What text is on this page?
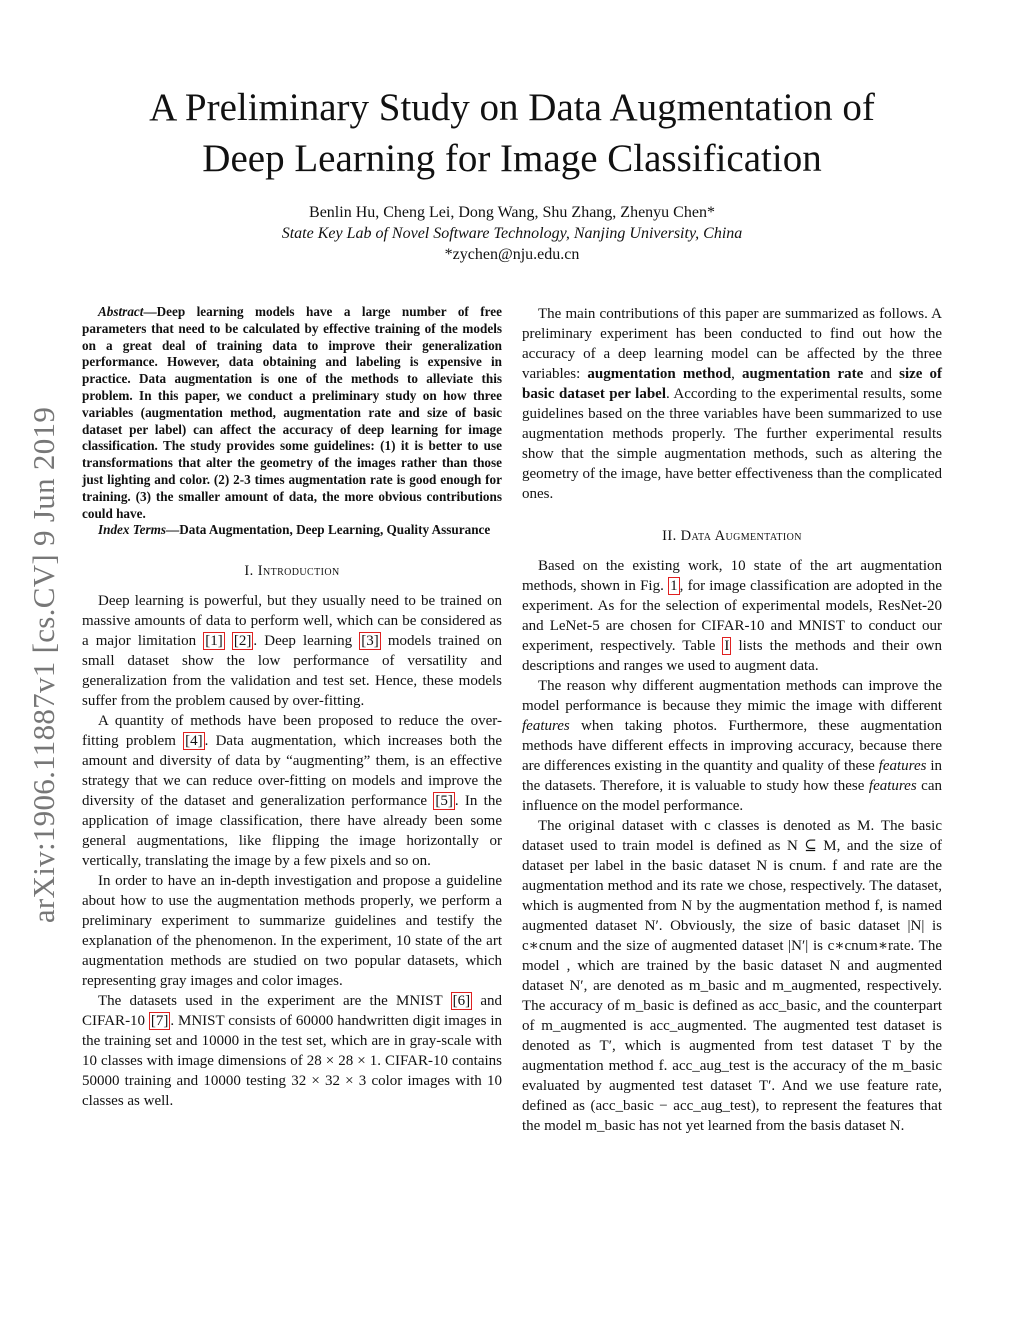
arXiv:1906.11887v1 [cs.CV] 9 Jun 2019
A Preliminary Study on Data Augmentation of
Deep Learning for Image Classification
Benlin Hu, Cheng Lei, Dong Wang, Shu Zhang, Zhenyu Chen*
State Key Lab of Novel Software Technology, Nanjing University, China
*zychen@nju.edu.cn

Abstract—Deep learning models have a large number of free parameters that need to be calculated by effective training of the models on a great deal of training data to improve their generalization performance. However, data obtaining and labeling is expensive in practice. Data augmentation is one of the methods to alleviate this problem. In this paper, we conduct a preliminary study on how three variables (augmentation method, augmentation rate and size of basic dataset per label) can affect the accuracy of deep learning for image classification. The study provides some guidelines: (1) it is better to use transformations that alter the geometry of the images rather than those just lighting and color. (2) 2-3 times augmentation rate is good enough for training. (3) the smaller amount of data, the more obvious contributions could have.

Index Terms—Data Augmentation, Deep Learning, Quality Assurance

I. Introduction

Deep learning is powerful, but they usually need to be trained on massive amounts of data to perform well, which can be considered as a major limitation [1] [2] . Deep learning [3] models trained on small dataset show the low performance of versatility and generalization from the validation and test set. Hence, these models suffer from the problem caused by over-fitting.

A quantity of methods have been proposed to reduce the over-fitting problem [4] . Data augmentation, which increases both the amount and diversity of data by “augmenting” them, is an effective strategy that we can reduce over-fitting on models and improve the diversity of the dataset and generalization performance [5] . In the application of image classification, there have already been some general augmentations, like flipping the image horizontally or vertically, translating the image by a few pixels and so on.

In order to have an in-depth investigation and propose a guideline about how to use the augmentation methods properly, we perform a preliminary experiment to summarize guidelines and testify the explanation of the phenomenon. In the experiment, 10 state of the art augmentation methods are studied on two popular datasets, which representing gray images and color images.

The datasets used in the experiment are the MNIST [6] and CIFAR-10 [7] . MNIST consists of 60000 handwritten digit images in the training set and 10000 in the test set, which are in gray-scale with 10 classes with image dimensions of 28 × 28 × 1. CIFAR-10 contains 50000 training and 10000 testing 32 × 32 × 3 color images with 10 classes as well.

The main contributions of this paper are summarized as follows. A preliminary experiment has been conducted to find out how the accuracy of a deep learning model can be affected by the three variables: augmentation method, augmentation rate and size of basic dataset per label. According to the experimental results, some guidelines based on the three variables have been summarized to use augmentation methods properly. The further experimental results show that the simple augmentation methods, such as altering the geometry of the image, have better effectiveness than the complicated ones.

II. Data Augmentation

Based on the existing work, 10 state of the art augmentation methods, shown in Fig. 1 , for image classification are adopted in the experiment. As for the selection of experimental models, ResNet-20 and LeNet-5 are chosen for CIFAR-10 and MNIST to conduct our experiment, respectively. Table I lists the methods and their own descriptions and ranges we used to augment data.

The reason why different augmentation methods can improve the model performance is because they mimic the image with different features when taking photos. Furthermore, these augmentation methods have different effects in improving accuracy, because there are differences existing in the quantity and quality of these features in the datasets. Therefore, it is valuable to study how these features can influence on the model performance.

The original dataset with c classes is denoted as M. The basic dataset used to train model is defined as N ⊆ M, and the size of dataset per label in the basic dataset N is cnum. f and rate are the augmentation method and its rate we chose, respectively. The dataset, which is augmented from N by the augmentation method f, is named augmented dataset N′. Obviously, the size of basic dataset |N| is c∗cnum and the size of augmented dataset |N′| is c∗cnum∗rate. The model , which are trained by the basic dataset N and augmented dataset N′, are denoted as m_basic and m_augmented, respectively. The accuracy of m_basic is defined as acc_basic, and the counterpart of m_augmented is acc_augmented. The augmented test dataset is denoted as T′, which is augmented from test dataset T by the augmentation method f. acc_aug_test is the accuracy of the m_basic evaluated by augmented test dataset T′. And we use feature rate, defined as (acc_basic − acc_aug_test), to represent the features that the model m_basic has not yet learned from the basis dataset N.
